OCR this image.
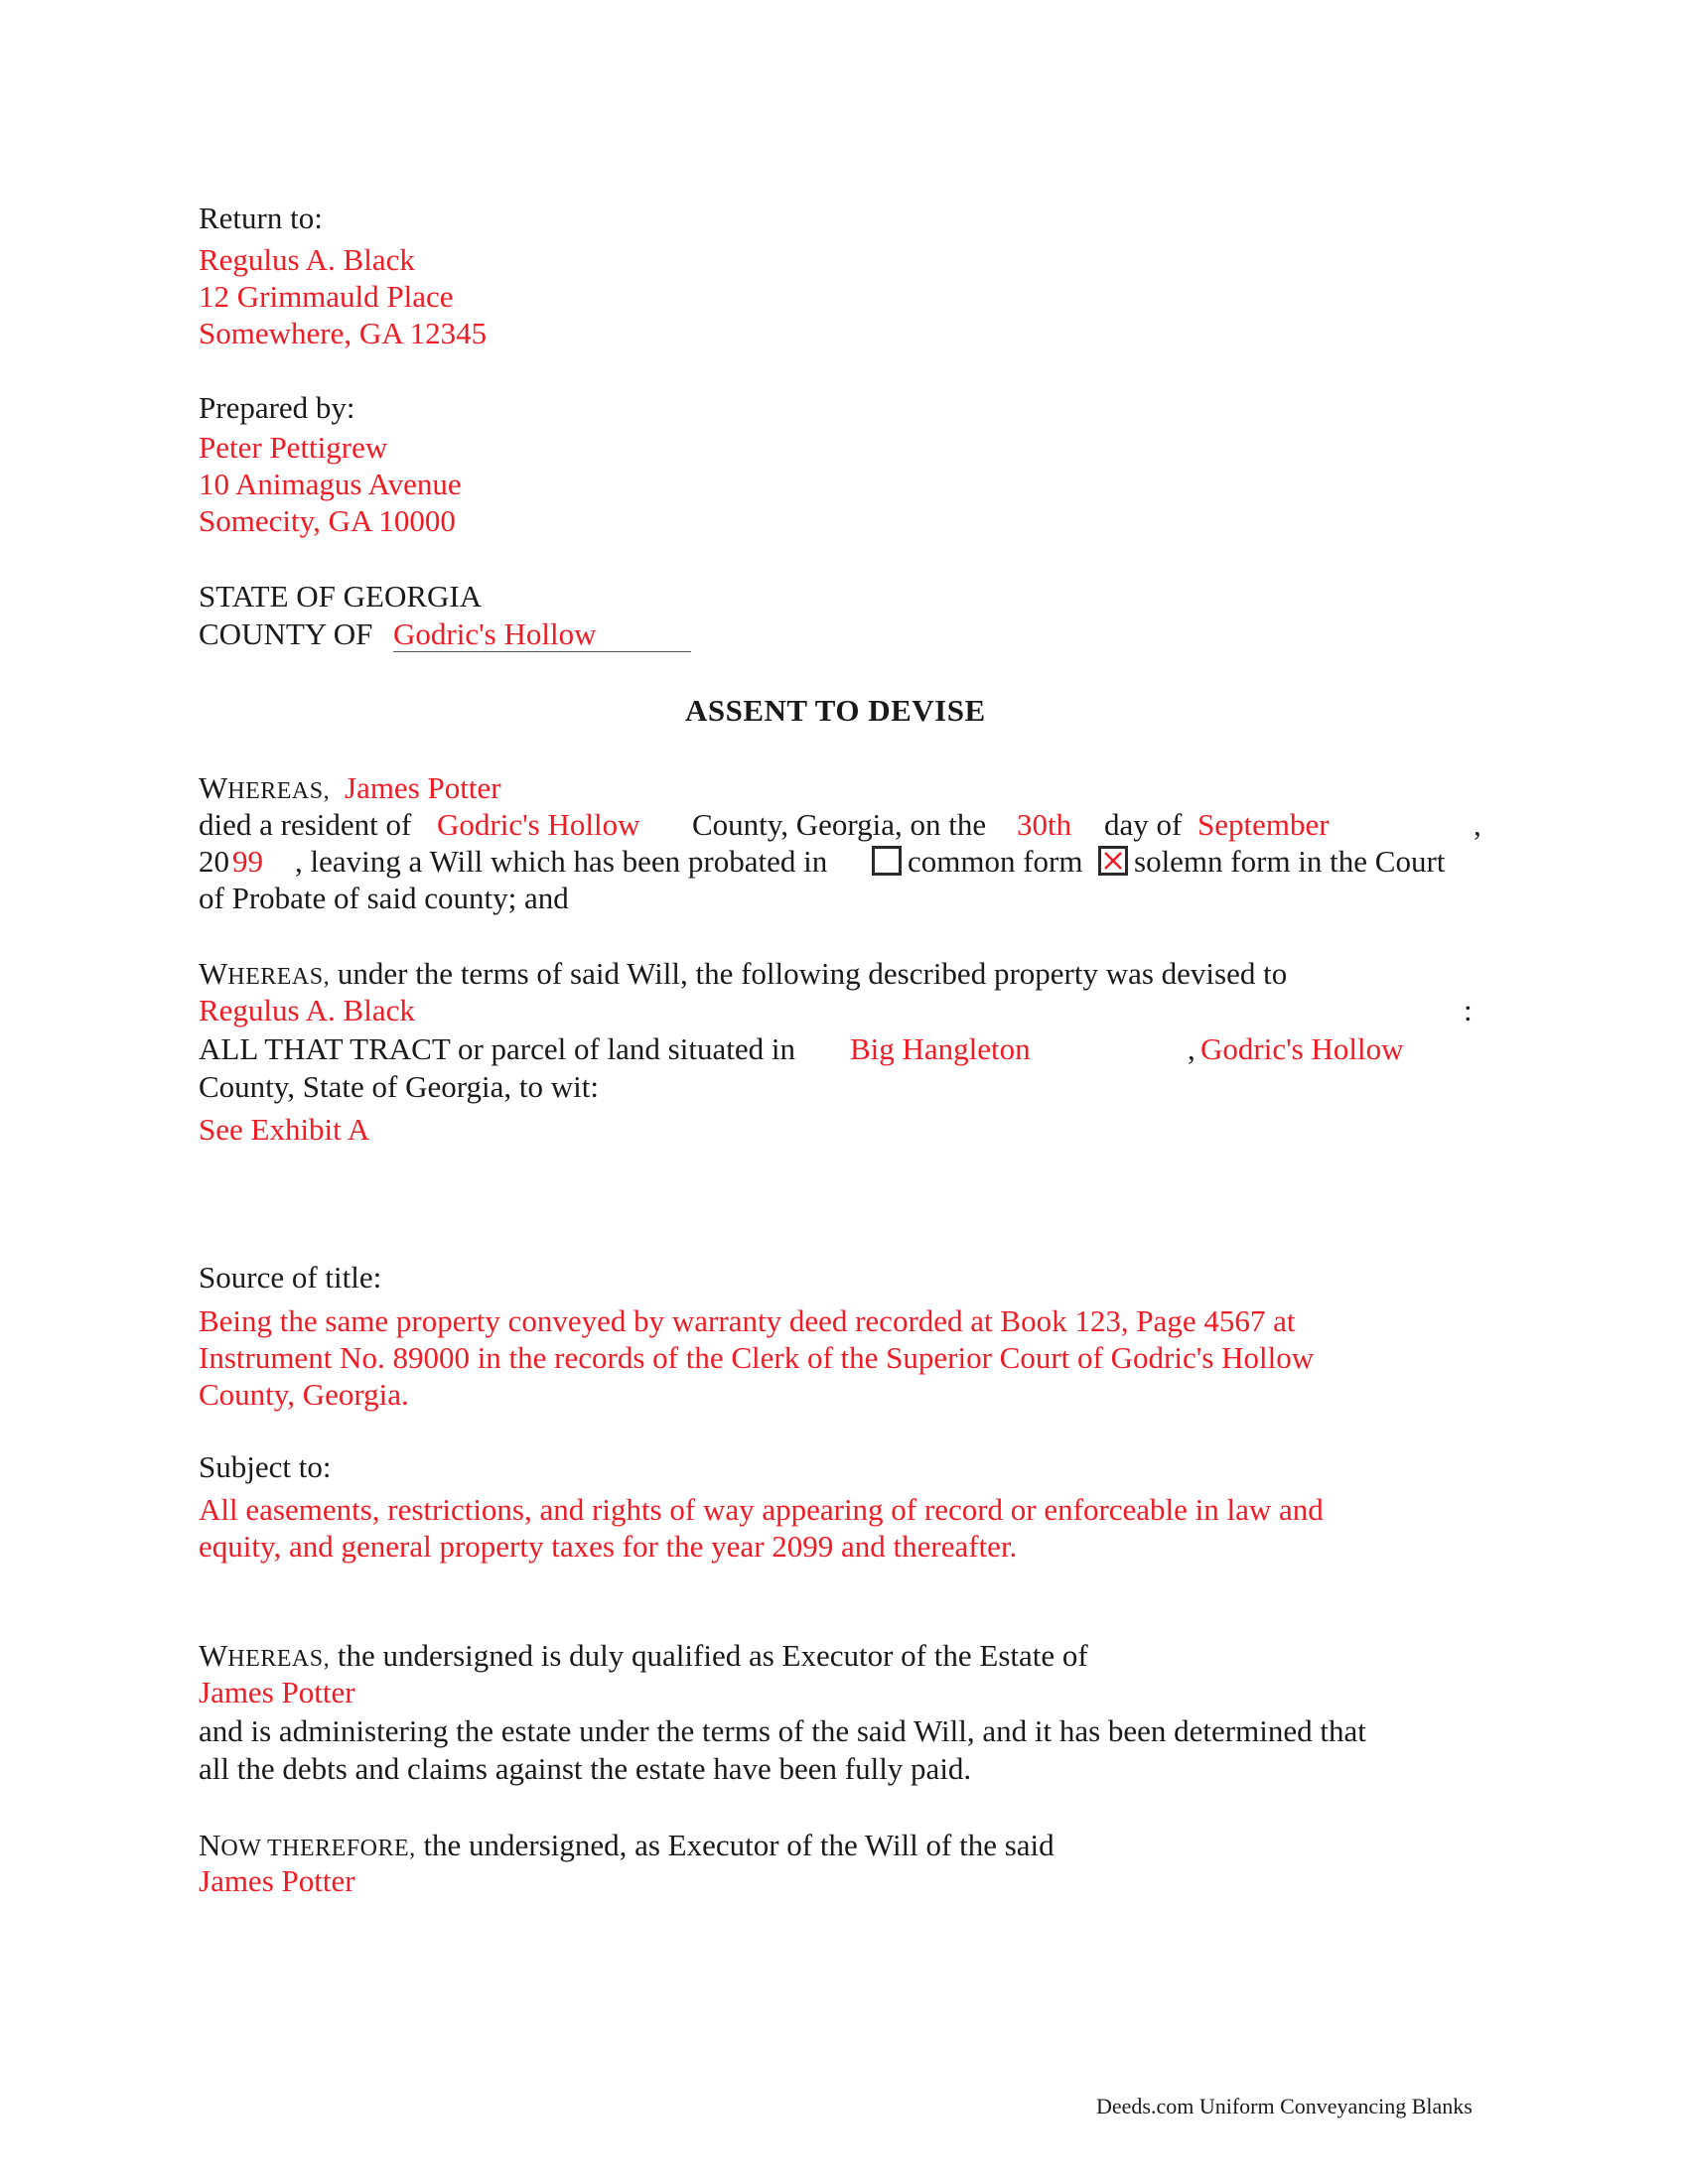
Return to:
Regulus A. Black
12 Grimmauld Place
Somewhere, GA 12345
Prepared by:
Peter Pettigrew
10 Animagus Avenue
Somecity, GA 10000
STATE OF GEORGIA
COUNTY OF Godric's Hollow
ASSENT TO DEVISE
WHEREAS, James Potter
died a resident of Godric's Hollow County, Georgia, on the 30th day of September	,
20 99 , leaving a Will which has been probated in	common form solemn form in the Court
of Probate of said county; and
WHEREAS, under the terms of said Will, the following described property was devised to
Regulus A. Black	:
ALL THAT TRACT or parcel of land situated in Big Hangleton	, Godric's Hollow
County, State of Georgia, to wit:
See Exhibit A
Source of title:
Being the same property conveyed by warranty deed recorded at Book 123, Page 4567 at
Instrument No. 89000 in the records of the Clerk of the Superior Court of Godric's Hollow
County, Georgia.
Subject to:
All easements, restrictions, and rights of way appearing of record or enforceable in law and
equity, and general property taxes for the year 2099 and thereafter.
WHEREAS, the undersigned is duly qualified as Executor of the Estate of
James Potter
and is administering the estate under the terms of the said Will, and it has been determined that
all the debts and claims against the estate have been fully paid.
NOW THEREFORE, the undersigned, as Executor of the Will of the said
James Potter
Deeds.com Uniform Conveyancing Blanks
